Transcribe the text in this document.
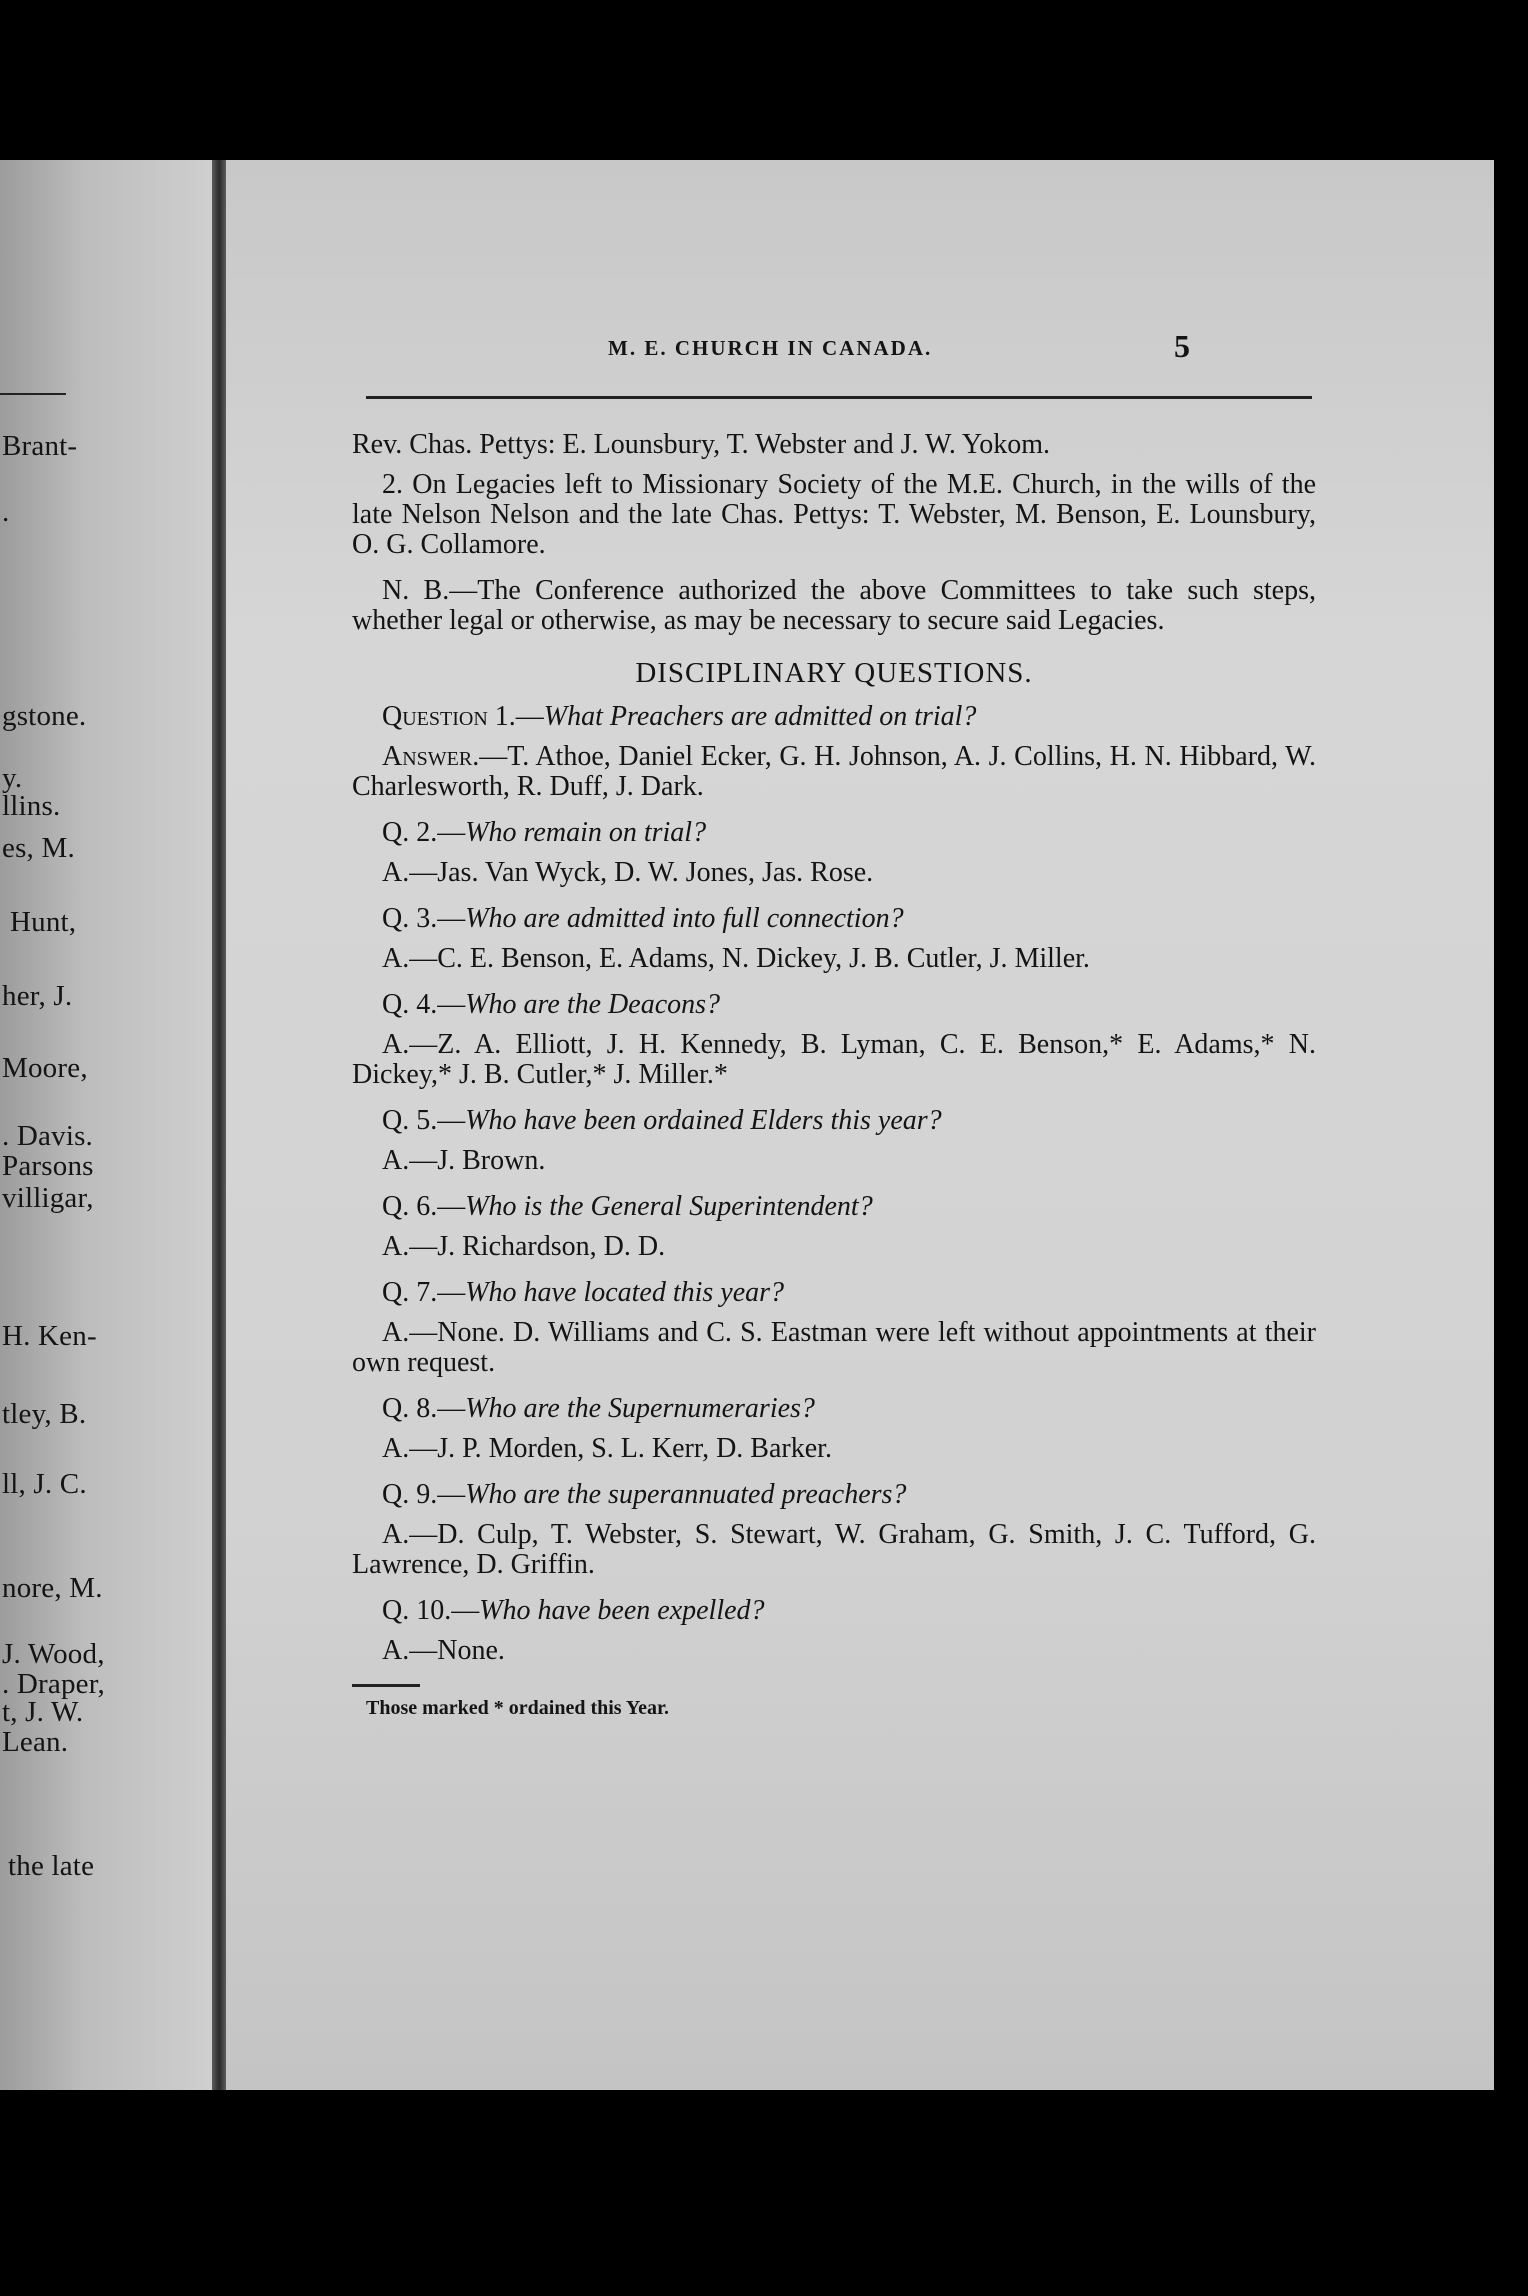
Brant-
.
gstone.
y.
llins.
es, M.
Hunt,
her, J.
Moore,
. Davis.
Parsons
villigar,
H. Ken-
tley, B.
ll, J. C.
nore, M.
J. Wood,
. Draper,
t, J. W.
Lean.
the late
M. E. CHURCH IN CANADA.	5

Rev. Chas. Pettys: E. Lounsbury, T. Webster and J. W. Yokom.

2. On Legacies left to Missionary Society of the M.E. Church, in the wills of the late Nelson Nelson and the late Chas. Pettys: T. Webster, M. Benson, E. Lounsbury, O. G. Collamore.

N. B.—The Conference authorized the above Committees to take such steps, whether legal or otherwise, as may be necessary to secure said Legacies.

DISCIPLINARY QUESTIONS.

Question 1.—What Preachers are admitted on trial?

Answer.—T. Athoe, Daniel Ecker, G. H. Johnson, A. J. Collins, H. N. Hibbard, W. Charlesworth, R. Duff, J. Dark.

Q. 2.—Who remain on trial?

A.—Jas. Van Wyck, D. W. Jones, Jas. Rose.

Q. 3.—Who are admitted into full connection?

A.—C. E. Benson, E. Adams, N. Dickey, J. B. Cutler, J. Miller.

Q. 4.—Who are the Deacons?

A.—Z. A. Elliott, J. H. Kennedy, B. Lyman, C. E. Benson,* E. Adams,* N. Dickey,* J. B. Cutler,* J. Miller.*

Q. 5.—Who have been ordained Elders this year?

A.—J. Brown.

Q. 6.—Who is the General Superintendent?

A.—J. Richardson, D. D.

Q. 7.—Who have located this year?

A.—None. D. Williams and C. S. Eastman were left without appointments at their own request.

Q. 8.—Who are the Supernumeraries?

A.—J. P. Morden, S. L. Kerr, D. Barker.

Q. 9.—Who are the superannuated preachers?

A.—D. Culp, T. Webster, S. Stewart, W. Graham, G. Smith, J. C. Tufford, G. Lawrence, D. Griffin.

Q. 10.—Who have been expelled?

A.—None.

Those marked * ordained this Year.
